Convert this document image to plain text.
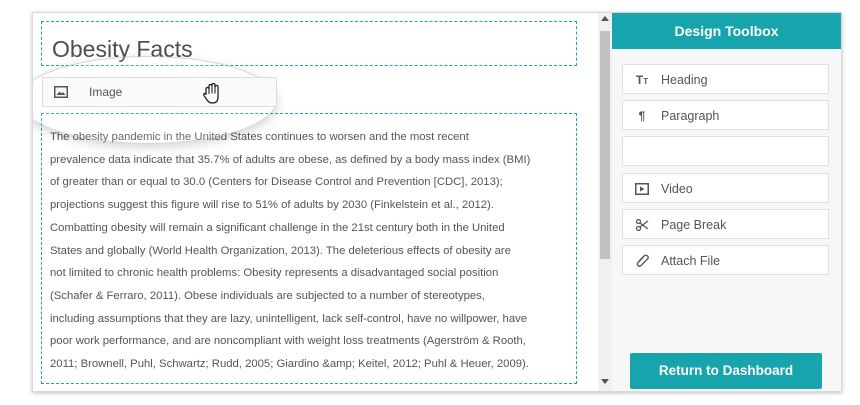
Obesity Facts
The obesity pandemic in the United States continues to worsen and the most recent
prevalence data indicate that 35.7% of adults are obese, as defined by a body mass index (BMI)
of greater than or equal to 30.0 (Centers for Disease Control and Prevention [CDC], 2013);
projections suggest this figure will rise to 51% of adults by 2030 (Finkelstein et al., 2012).
Combatting obesity will remain a significant challenge in the 21st century both in the United
States and globally (World Health Organization, 2013). The deleterious effects of obesity are
not limited to chronic health problems: Obesity represents a disadvantaged social position
(Schafer & Ferraro, 2011). Obese individuals are subjected to a number of stereotypes,
including assumptions that they are lazy, unintelligent, lack self-control, have no willpower, have
poor work performance, and are noncompliant with weight loss treatments (Agerström & Rooth,
2011; Brownell, Puhl, Schwartz; Rudd, 2005; Giardino &amp; Keitel, 2012; Puhl & Heuer, 2009).
Image
Design Toolbox
TT Heading
¶ Paragraph
Video
Page Break
Attach File
Return to Dashboard
